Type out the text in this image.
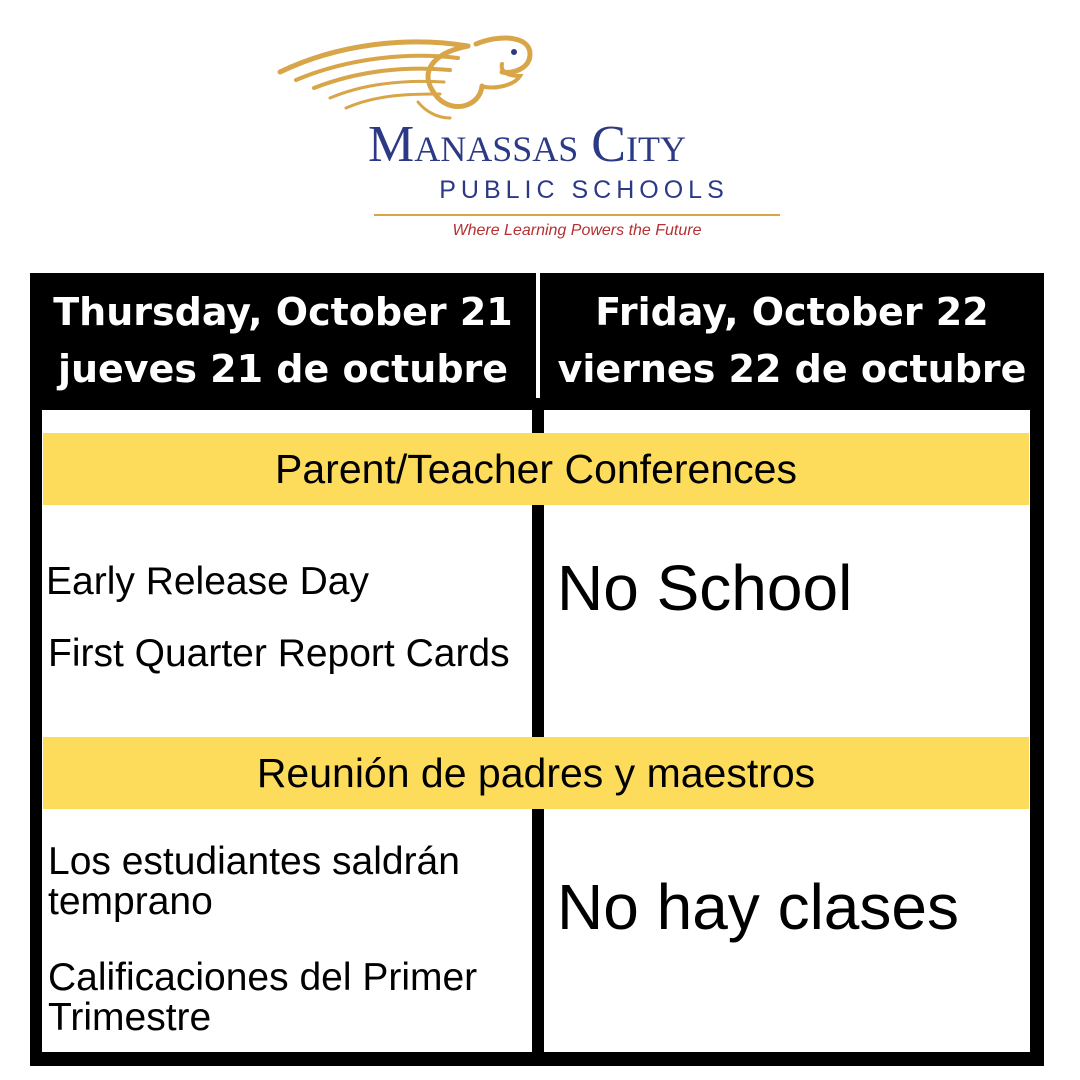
Manassas City
PUBLIC SCHOOLS
Where Learning Powers the Future
Thursday, October 21
jueves 21 de octubre
Friday, October 22
viernes 22 de octubre
Parent/Teacher Conferences
Reunión de padres y maestros
Early Release Day
First Quarter Report Cards
No School
Los estudiantes saldrán temprano
Calificaciones del Primer Trimestre
No hay clases
